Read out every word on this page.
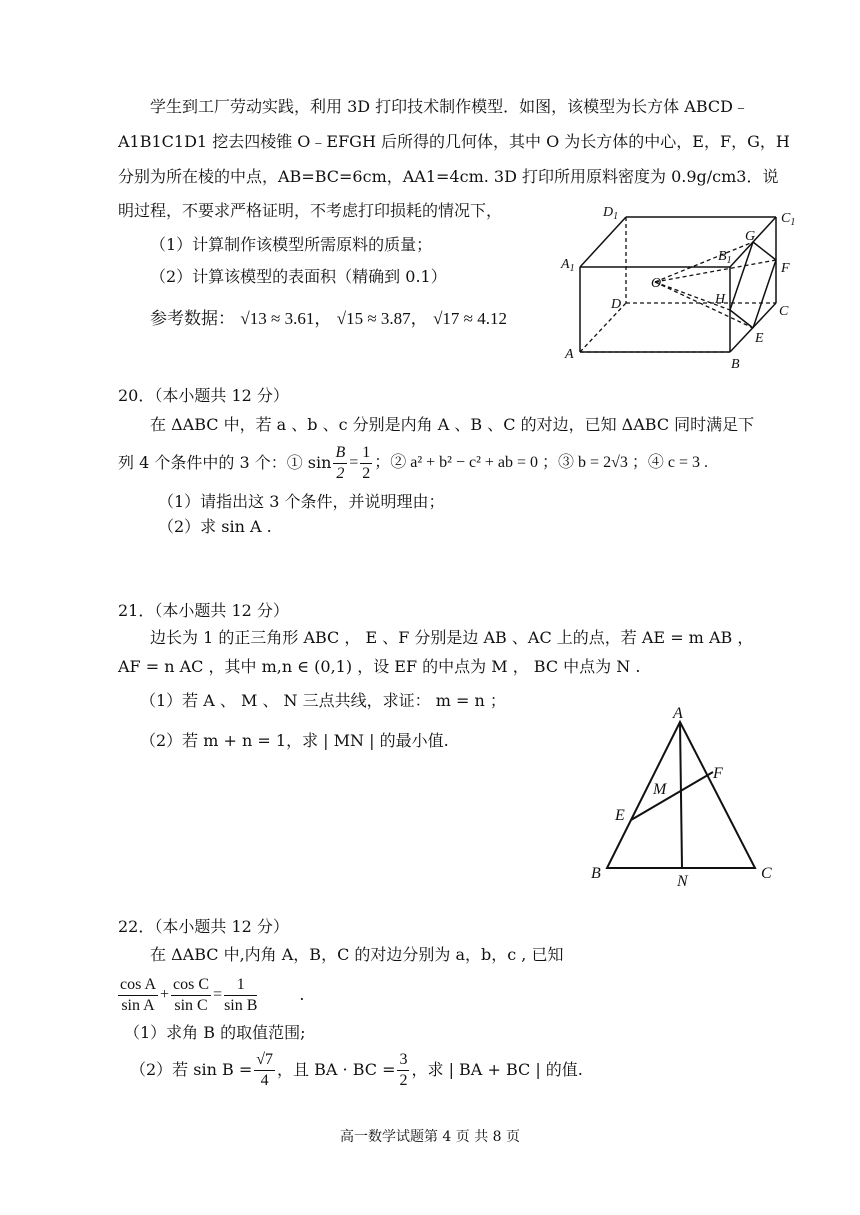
学生到工厂劳动实践，利用 3D 打印技术制作模型．如图，该模型为长方体 ABCD﹣
A1B1C1D1 挖去四棱锥 O﹣EFGH 后所得的几何体，其中 O 为长方体的中心，E，F，G，H
分别为所在棱的中点，AB=BC=6cm，AA1=4cm. 3D 打印所用原料密度为 0.9g/cm3．说
明过程，不要求严格证明，不考虑打印损耗的情况下，
（1）计算制作该模型所需原料的质量；
（2）计算该模型的表面积（精确到 0.1）
参考数据： √13 ≈ 3.61， √15 ≈ 3.87， √17 ≈ 4.12
$D_1$	$C_1$
$A_1$
$B_1$
G
F
O
H
D	C
A
B
E
20．（本小题共 12 分）
在 ΔABC 中，若 a 、b 、c 分别是内角 A 、B 、C 的对边，已知 ΔABC 同时满足下
列 4 个条件中的 3 个：① $\sin \frac{B}{2} = \frac{1}{2}$ ；② a² + b² − c² + ab = 0 ；③ b = 2√3 ；④ c = 3 .
（1）请指出这 3 个条件，并说明理由；
（2）求 sin A .
21．（本小题共 12 分）
边长为 1 的正三角形 ABC ， E 、F 分别是边 AB 、AC 上的点，若 AE = m AB ，
AF = n AC ，其中 m,n ∈ (0,1) ，设 EF 的中点为 M ， BC 中点为 N .
（1）若 A 、 M 、 N 三点共线，求证： m = n ；
（2）若 m + n = 1，求 | MN | 的最小值.
A
F
M
E
B	N	C
22．（本小题共 12 分）
在 ΔABC 中,内角 A，B，C 的对边分别为 a，b，c , 已知
$\frac{\text{cos A}}{\text{sin A}} + \frac{\text{cos C}}{\text{sin C}} = \frac{1}{\text{sin B}}$	.
（1）求角 B 的取值范围;
（2）若 $\sin B = \frac{√7}{4}$ ，且 BA · BC = $\frac{3}{2}$ ，求 | BA + BC | 的值.
高一数学试题第 4 页 共 8 页
